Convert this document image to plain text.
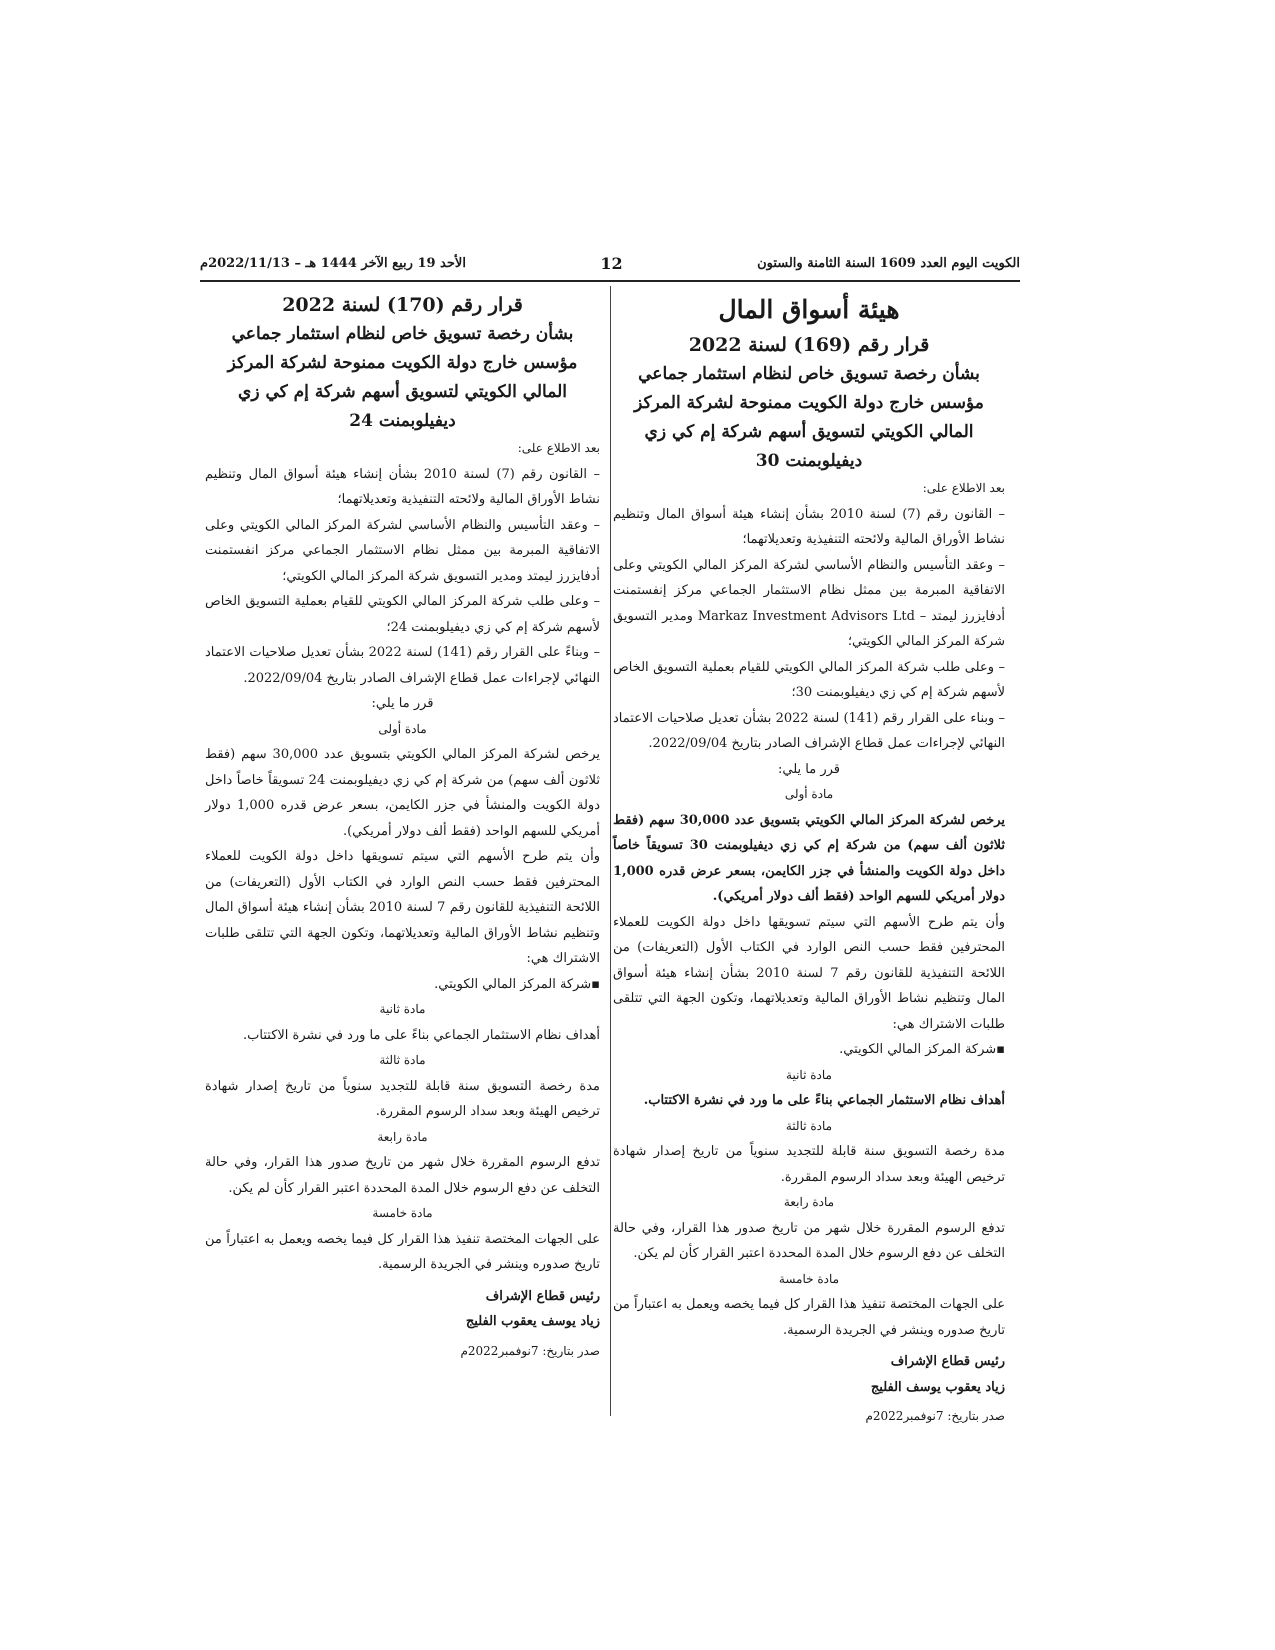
الكويت اليوم العدد 1609 السنة الثامنة والستون
12
الأحد 19 ربيع الآخر 1444 هـ – 2022/11/13م

هيئة أسواق المال

قرار رقم (169) لسنة 2022

بشأن رخصة تسويق خاص لنظام استثمار جماعي مؤسس خارج دولة الكويت ممنوحة لشركة المركز المالي الكويتي لتسويق أسهم شركة إم كي زي ديفيلوبمنت 30

بعد الاطلاع على:

– القانون رقم (7) لسنة 2010 بشأن إنشاء هيئة أسواق المال وتنظيم نشاط الأوراق المالية ولائحته التنفيذية وتعديلاتهما؛

– وعقد التأسيس والنظام الأساسي لشركة المركز المالي الكويتي وعلى الاتفاقية المبرمة بين ممثل نظام الاستثمار الجماعي مركز إنفستمنت أدفايزرز ليمتد – Markaz Investment Advisors Ltd ومدير التسويق شركة المركز المالي الكويتي؛

– وعلى طلب شركة المركز المالي الكويتي للقيام بعملية التسويق الخاص لأسهم شركة إم كي زي ديفيلوبمنت 30؛

– وبناء على القرار رقم (141) لسنة 2022 بشأن تعديل صلاحيات الاعتماد النهائي لإجراءات عمل قطاع الإشراف الصادر بتاريخ 2022/09/04.

قرر ما يلي:

مادة أولى

يرخص لشركة المركز المالي الكويتي بتسويق عدد 30,000 سهم (فقط ثلاثون ألف سهم) من شركة إم كي زي ديفيلوبمنت 30 تسويقاً خاصاً داخل دولة الكويت والمنشأ في جزر الكايمن، بسعر عرض قدره 1,000 دولار أمريكي للسهم الواحد (فقط ألف دولار أمريكي).

وأن يتم طرح الأسهم التي سيتم تسويقها داخل دولة الكويت للعملاء المحترفين فقط حسب النص الوارد في الكتاب الأول (التعريفات) من اللائحة التنفيذية للقانون رقم 7 لسنة 2010 بشأن إنشاء هيئة أسواق المال وتنظيم نشاط الأوراق المالية وتعديلاتهما، وتكون الجهة التي تتلقى طلبات الاشتراك هي:

▪ شركة المركز المالي الكويتي.

مادة ثانية

أهداف نظام الاستثمار الجماعي بناءً على ما ورد في نشرة الاكتتاب.

مادة ثالثة

مدة رخصة التسويق سنة قابلة للتجديد سنوياً من تاريخ إصدار شهادة ترخيص الهيئة وبعد سداد الرسوم المقررة.

مادة رابعة

تدفع الرسوم المقررة خلال شهر من تاريخ صدور هذا القرار، وفي حالة التخلف عن دفع الرسوم خلال المدة المحددة اعتبر القرار كأن لم يكن.

مادة خامسة

على الجهات المختصة تنفيذ هذا القرار كل فيما يخصه ويعمل به اعتباراً من تاريخ صدوره وينشر في الجريدة الرسمية.

رئيس قطاع الإشراف

زياد يعقوب يوسف الفليج

صدر بتاريخ: 7نوفمبر2022م

قرار رقم (170) لسنة 2022

بشأن رخصة تسويق خاص لنظام استثمار جماعي مؤسس خارج دولة الكويت ممنوحة لشركة المركز المالي الكويتي لتسويق أسهم شركة إم كي زي ديفيلوبمنت 24

بعد الاطلاع على:

– القانون رقم (7) لسنة 2010 بشأن إنشاء هيئة أسواق المال وتنظيم نشاط الأوراق المالية ولائحته التنفيذية وتعديلاتهما؛

– وعقد التأسيس والنظام الأساسي لشركة المركز المالي الكويتي وعلى الاتفاقية المبرمة بين ممثل نظام الاستثمار الجماعي مركز انفستمنت أدفايزرز ليمتد ومدير التسويق شركة المركز المالي الكويتي؛

– وعلى طلب شركة المركز المالي الكويتي للقيام بعملية التسويق الخاص لأسهم شركة إم كي زي ديفيلوبمنت 24؛

– وبناءً على القرار رقم (141) لسنة 2022 بشأن تعديل صلاحيات الاعتماد النهائي لإجراءات عمل قطاع الإشراف الصادر بتاريخ 2022/09/04.

قرر ما يلي:

مادة أولى

يرخص لشركة المركز المالي الكويتي بتسويق عدد 30,000 سهم (فقط ثلاثون ألف سهم) من شركة إم كي زي ديفيلوبمنت 24 تسويقاً خاصاً داخل دولة الكويت والمنشأ في جزر الكايمن، بسعر عرض قدره 1,000 دولار أمريكي للسهم الواحد (فقط ألف دولار أمريكي).

وأن يتم طرح الأسهم التي سيتم تسويقها داخل دولة الكويت للعملاء المحترفين فقط حسب النص الوارد في الكتاب الأول (التعريفات) من اللائحة التنفيذية للقانون رقم 7 لسنة 2010 بشأن إنشاء هيئة أسواق المال وتنظيم نشاط الأوراق المالية وتعديلاتهما، وتكون الجهة التي تتلقى طلبات الاشتراك هي:

▪ شركة المركز المالي الكويتي.

مادة ثانية

أهداف نظام الاستثمار الجماعي بناءً على ما ورد في نشرة الاكتتاب.

مادة ثالثة

مدة رخصة التسويق سنة قابلة للتجديد سنوياً من تاريخ إصدار شهادة ترخيص الهيئة وبعد سداد الرسوم المقررة.

مادة رابعة

تدفع الرسوم المقررة خلال شهر من تاريخ صدور هذا القرار، وفي حالة التخلف عن دفع الرسوم خلال المدة المحددة اعتبر القرار كأن لم يكن.

مادة خامسة

على الجهات المختصة تنفيذ هذا القرار كل فيما يخصه ويعمل به اعتباراً من تاريخ صدوره وينشر في الجريدة الرسمية.

رئيس قطاع الإشراف

زياد يوسف يعقوب الفليج

صدر بتاريخ: 7نوفمبر2022م
